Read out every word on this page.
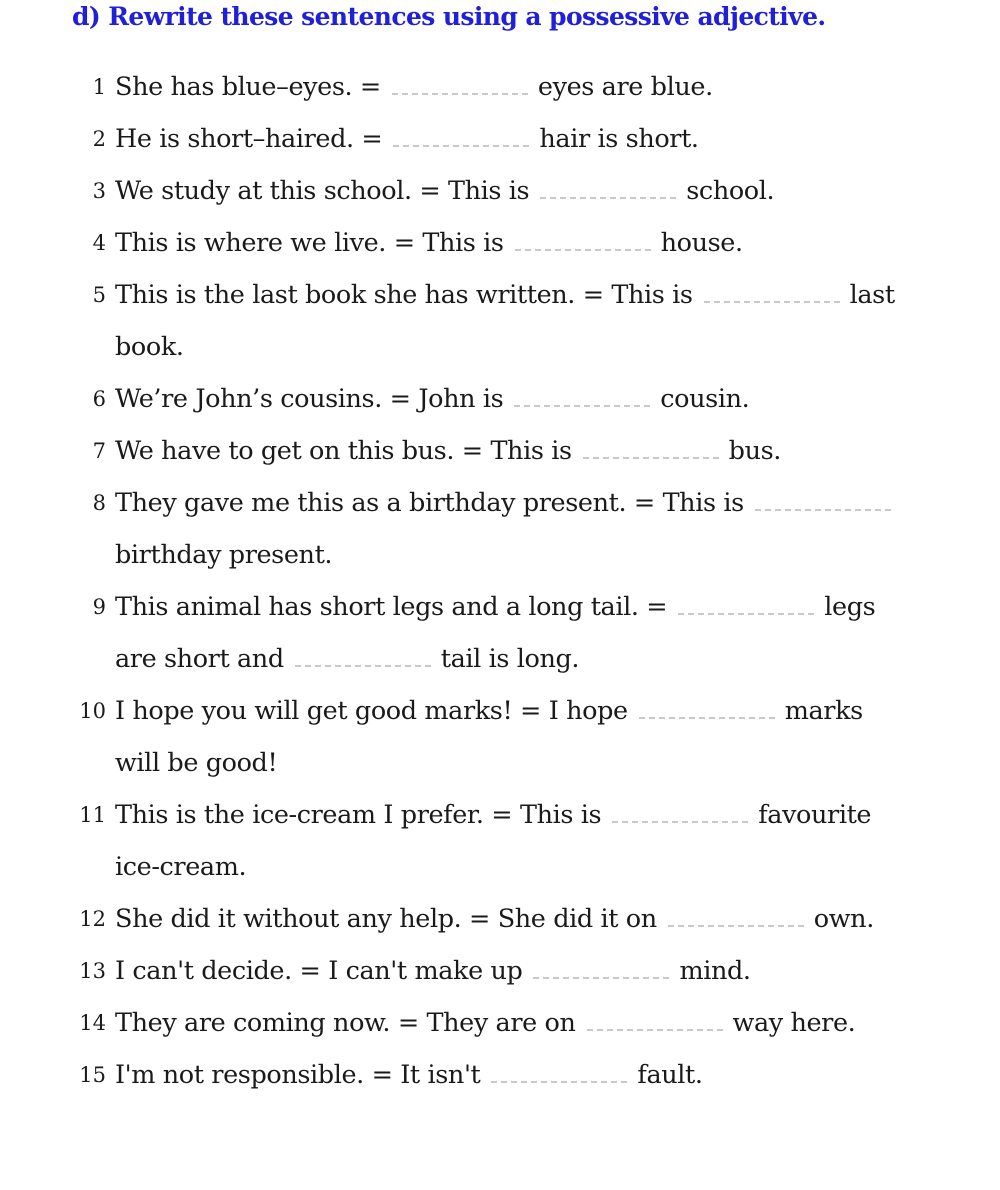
d) Rewrite these sentences using a possessive adjective.
1 She has blue–eyes. =	eyes are blue.
2 He is short–haired. =	hair is short.
3 We study at this school. = This is	school.
4 This is where we live. = This is	house.
5 This is the last book she has written. = This is	last
book.
6 We’re John’s cousins. = John is	cousin.
7 We have to get on this bus. = This is	bus.
8 They gave me this as a birthday present. = This is
birthday present.
9 This animal has short legs and a long tail. =	legs
are short and	tail is long.
10 I hope you will get good marks! = I hope	marks
will be good!
11 This is the ice-cream I prefer. = This is	favourite
ice-cream.
12 She did it without any help. = She did it on	own.
13 I can't decide. = I can't make up	mind.
14 They are coming now. = They are on	way here.
15 I'm not responsible. = It isn't	fault.
